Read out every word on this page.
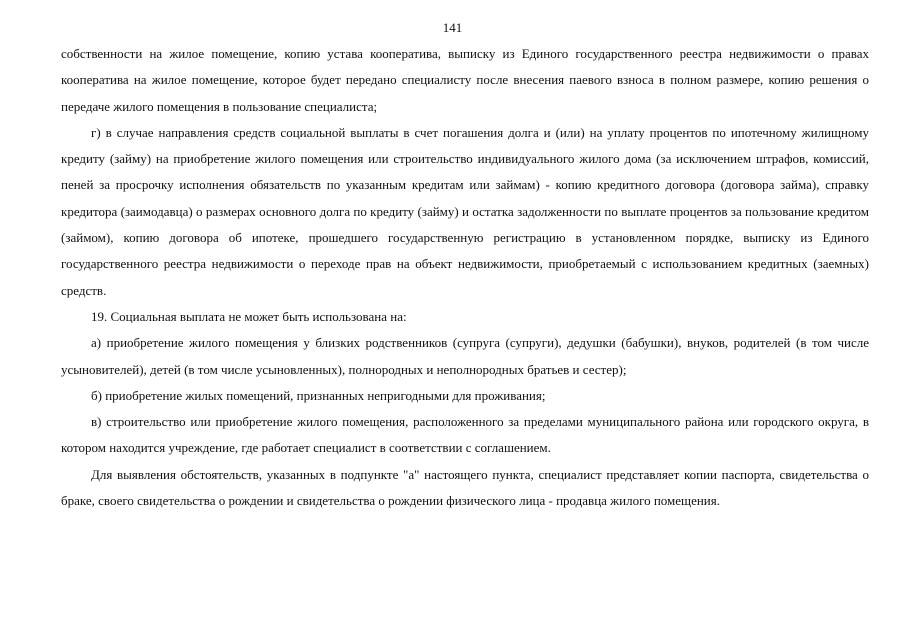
141

собственности на жилое помещение, копию устава кооператива, выписку из Единого государственного реестра недвижимости о правах кооператива на жилое помещение, которое будет передано специалисту после внесения паевого взноса в полном размере, копию решения о передаче жилого помещения в пользование специалиста;

г) в случае направления средств социальной выплаты в счет погашения долга и (или) на уплату процентов по ипотечному жилищному кредиту (займу) на приобретение жилого помещения или строительство индивидуального жилого дома (за исключением штрафов, комиссий, пеней за просрочку исполнения обязательств по указанным кредитам или займам) - копию кредитного договора (договора займа), справку кредитора (заимодавца) о размерах основного долга по кредиту (займу) и остатка задолженности по выплате процентов за пользование кредитом (займом), копию договора об ипотеке, прошедшего государственную регистрацию в установленном порядке, выписку из Единого государственного реестра недвижимости о переходе прав на объект недвижимости, приобретаемый с использованием кредитных (заемных) средств.

19. Социальная выплата не может быть использована на:

а) приобретение жилого помещения у близких родственников (супруга (супруги), дедушки (бабушки), внуков, родителей (в том числе усыновителей), детей (в том числе усыновленных), полнородных и неполнородных братьев и сестер);

б) приобретение жилых помещений, признанных непригодными для проживания;

в) строительство или приобретение жилого помещения, расположенного за пределами муниципального района или городского округа, в котором находится учреждение, где работает специалист в соответствии с соглашением.

Для выявления обстоятельств, указанных в подпункте "а" настоящего пункта, специалист представляет копии паспорта, свидетельства о браке, своего свидетельства о рождении и свидетельства о рождении физического лица - продавца жилого помещения.
